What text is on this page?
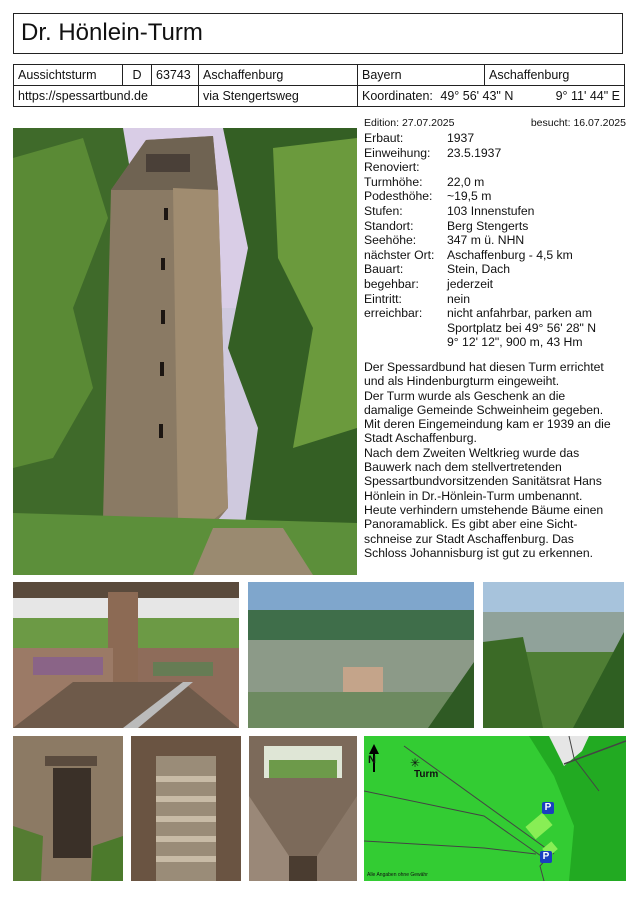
Dr. Hönlein-Turm
Aussichtsturm	D	63743	Aschaffenburg	Bayern	Aschaffenburg
https://spessartbund.de			via Stengertsweg	Koordinaten: 49° 56' 43" N 9° 11' 44" E	
Edition: 27.07.2025	besucht: 16.07.2025
Erbaut:	1937
Einweihung:	23.5.1937
Renoviert:
Turmhöhe:	22,0 m
Podesthöhe:	~19,5 m
Stufen:	103 Innenstufen
Standort:	Berg Stengerts
Seehöhe:	347 m ü. NHN
nächster Ort:	Aschaffenburg - 4,5 km
Bauart:	Stein, Dach
begehbar:	jederzeit
Eintritt:	nein
erreichbar:	nicht anfahrbar, parken am
Sportplatz bei 49° 56' 28" N
9° 12' 12", 900 m, 43 Hm
Der Spessardbund hat diesen Turm errichtet
und als Hindenburgturm eingeweiht.
Der Turm wurde als Geschenk an die
damalige Gemeinde Schweinheim gegeben.
Mit deren Eingemeindung kam er 1939 an die
Stadt Aschaffenburg.
Nach dem Zweiten Weltkrieg wurde das
Bauwerk nach dem stellvertretenden
Spessartbundvorsitzenden Sanitätsrat Hans
Hönlein in Dr.-Hönlein-Turm umbenannt.
Heute verhindern umstehende Bäume einen
Panoramablick. Es gibt aber eine Sicht-
schneise zur Stadt Aschaffenburg. Das
Schloss Johannisburg ist gut zu erkennen.
N	✳
Turm
P
P
Alle Angaben ohne Gewähr
